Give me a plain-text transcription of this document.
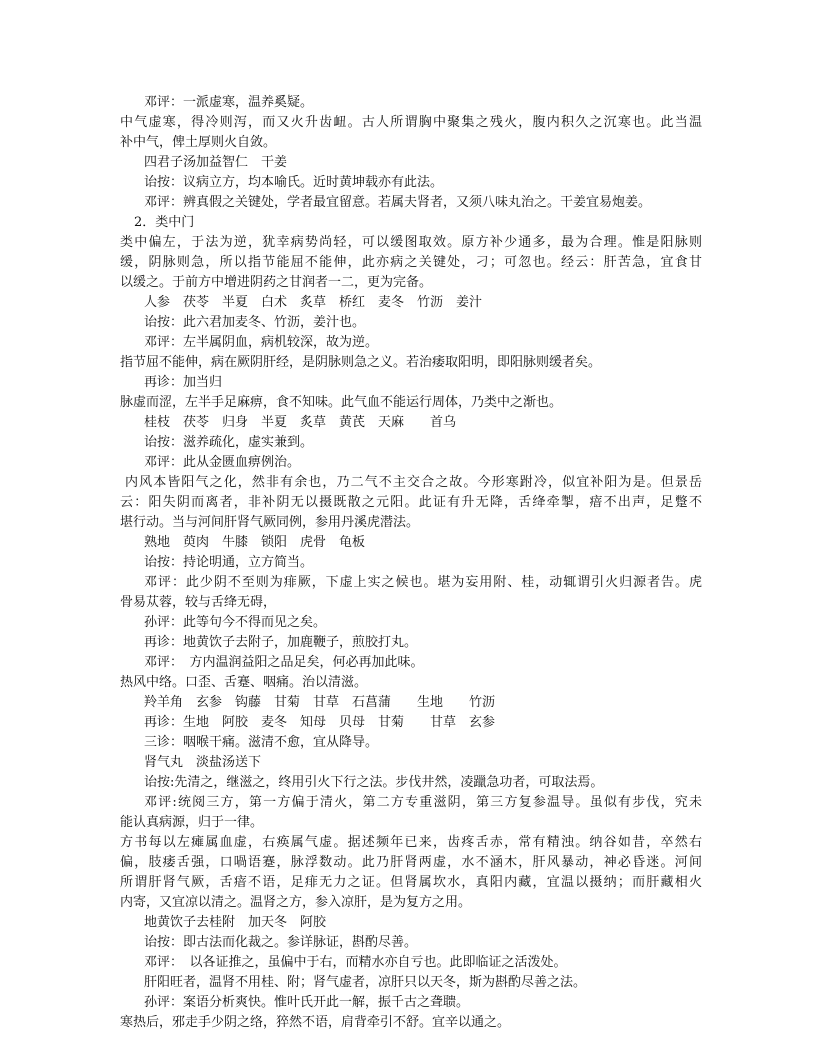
邓评：一派虚寒，温养奚疑。
中气虚寒，得冷则泻，而又火升齿衄。古人所谓胸中聚集之残火，腹内积久之沉寒也。此当温
补中气，俾土厚则火自敛。
四君子汤加益智仁　干姜
诒按：议病立方，均本喻氏。近时黄坤载亦有此法。
邓评：辨真假之关键处，学者最宜留意。若属夫肾者，又须八味丸治之。干姜宜易炮姜。
2．类中门
类中偏左，于法为逆，犹幸病势尚轻，可以缓图取效。原方补少通多，最为合理。惟是阳脉则
缓，阴脉则急，所以指节能屈不能伸，此亦病之关键处，刁；可忽也。经云：肝苦急，宜食甘
以缓之。于前方中增进阴药之甘润者一二，更为完备。
人参　茯苓　半夏　白术　炙草　桥红　麦冬　竹沥　姜汁
诒按：此六君加麦冬、竹沥，姜汁也。
邓评：左半属阴血，病机较深，故为逆。
指节屈不能伸，病在厥阴肝经，是阴脉则急之义。若治痿取阳明，即阳脉则缓者矣。
再诊：加当归
脉虚而涩，左半手足麻痹，食不知味。此气血不能运行周体，乃类中之渐也。
桂枝　茯苓　归身　半夏　炙草　黄芪　天麻　　首乌
诒按：滋养疏化，虚实兼到。
邓评：此从金匮血痹例治。
内风本皆阳气之化，然非有余也，乃二气不主交合之故。今形寒跗冷，似宜补阳为是。但景岳
云：阳失阴而离者，非补阴无以摄既散之元阳。此证有升无降，舌绛牵掣，瘖不出声，足蹩不
堪行动。当与河间肝肾气厥同例，参用丹溪虎潜法。
熟地　萸肉　牛膝　锁阳　虎骨　龟板
诒按：持论明通，立方简当。
邓评：此少阴不至则为痱厥，下虚上实之候也。堪为妄用附、桂，动辄谓引火归源者告。虎
骨易苁蓉，较与舌绛无碍，
孙评：此等句今不得而见之矣。
再诊：地黄饮子去附子，加鹿鞭子，煎胶打丸。
邓评：　方内温润益阳之品足矣，何必再加此味。
热风中络。口歪、舌蹇、咽痛。治以清滋。
羚羊角　玄参　钩藤　甘菊　甘草　石菖蒲　　生地　　竹沥
再诊：生地　阿胶　麦冬　知母　贝母　甘菊　　甘草　玄参
三诊：咽喉干痛。滋清不愈，宜从降导。
肾气丸　淡盐汤送下
诒按:先清之，继滋之，终用引火下行之法。步伐井然，凌躐急功者，可取法焉。
邓评:统阅三方，第一方偏于清火，第二方专重滋阴，第三方复参温导。虽似有步伐，究未
能认真病源，归于一律。
方书每以左瘫属血虚，右痪属气虚。据述频年已来，齿疼舌赤，常有精浊。纳谷如昔，卒然右
偏，肢痿舌强，口喎语蹇，脉浮数动。此乃肝肾两虚，水不涵木，肝风暴动，神必昏迷。河间
所谓肝肾气厥，舌瘖不语，足痱无力之证。但肾属坎水，真阳内藏，宜温以摄纳；而肝藏相火
内寄，又宜凉以清之。温肾之方，参入凉肝，是为复方之用。
地黄饮子去桂附　加天冬　阿胶
诒按：即古法而化裁之。参详脉证，斟酌尽善。
邓评：　以各证推之，虽偏中于右，而精水亦自亏也。此即临证之活泼处。
肝阳旺者，温肾不用桂、附；肾气虚者，凉肝只以天冬，斯为斟酌尽善之法。
孙评：案语分析爽快。惟叶氏开此一解，振千古之聋聩。
寒热后，邪走手少阴之络，猝然不语，肩背牵引不舒。宜辛以通之。
